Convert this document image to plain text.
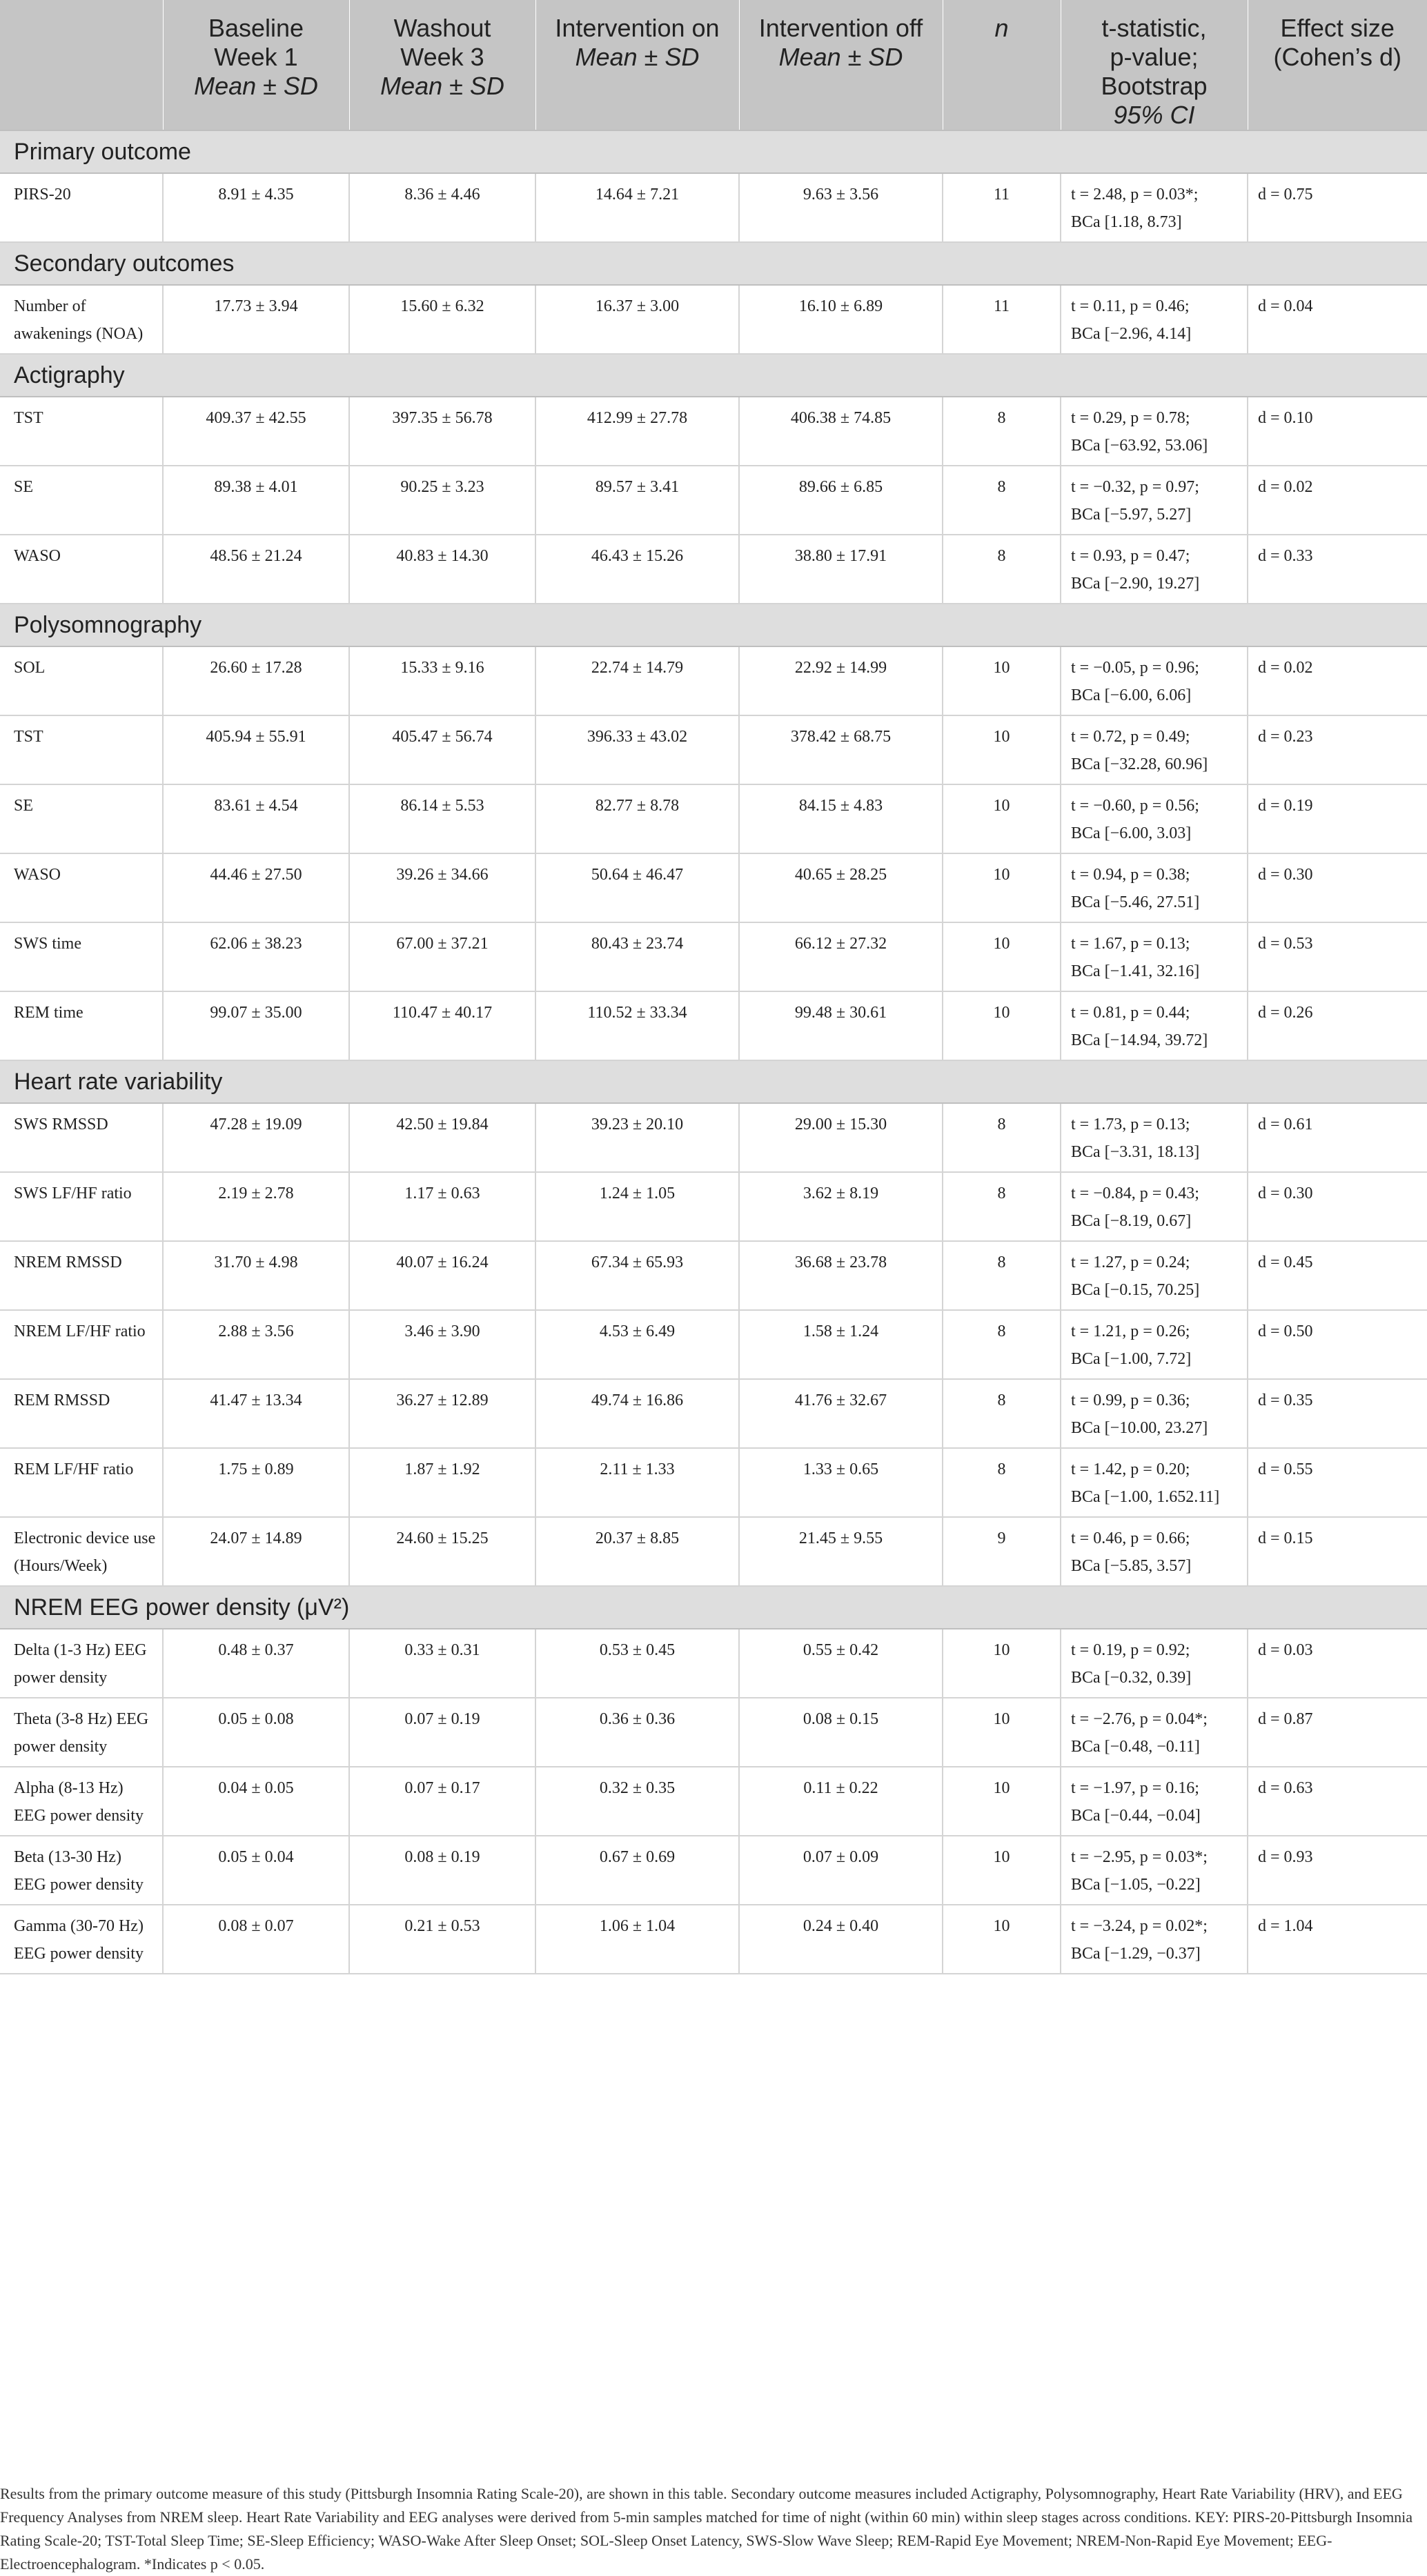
	Baseline
Week 1
Mean ± SD	Washout
Week 3
Mean ± SD	Intervention on
Mean ± SD	Intervention off
Mean ± SD	n	t-statistic,
p-value;
Bootstrap
95% CI	Effect size
(Cohen’s d)

Primary outcome							
PIRS-20	8.91 ± 4.35	8.36 ± 4.46	14.64 ± 7.21	9.63 ± 3.56	11	t = 2.48, p = 0.03*;
BCa [1.18, 8.73]	d = 0.75
Secondary outcomes							
Number of awakenings (NOA)	17.73 ± 3.94	15.60 ± 6.32	16.37 ± 3.00	16.10 ± 6.89	11	t = 0.11, p = 0.46;
BCa [−2.96, 4.14]	d = 0.04
Actigraphy							
TST	409.37 ± 42.55	397.35 ± 56.78	412.99 ± 27.78	406.38 ± 74.85	8	t = 0.29, p = 0.78;
BCa [−63.92, 53.06]	d = 0.10
SE	89.38 ± 4.01	90.25 ± 3.23	89.57 ± 3.41	89.66 ± 6.85	8	t = −0.32, p = 0.97;
BCa [−5.97, 5.27]	d = 0.02
WASO	48.56 ± 21.24	40.83 ± 14.30	46.43 ± 15.26	38.80 ± 17.91	8	t = 0.93, p = 0.47;
BCa [−2.90, 19.27]	d = 0.33
Polysomnography							
SOL	26.60 ± 17.28	15.33 ± 9.16	22.74 ± 14.79	22.92 ± 14.99	10	t = −0.05, p = 0.96;
BCa [−6.00, 6.06]	d = 0.02
TST	405.94 ± 55.91	405.47 ± 56.74	396.33 ± 43.02	378.42 ± 68.75	10	t = 0.72, p = 0.49;
BCa [−32.28, 60.96]	d = 0.23
SE	83.61 ± 4.54	86.14 ± 5.53	82.77 ± 8.78	84.15 ± 4.83	10	t = −0.60, p = 0.56;
BCa [−6.00, 3.03]	d = 0.19
WASO	44.46 ± 27.50	39.26 ± 34.66	50.64 ± 46.47	40.65 ± 28.25	10	t = 0.94, p = 0.38;
BCa [−5.46, 27.51]	d = 0.30
SWS time	62.06 ± 38.23	67.00 ± 37.21	80.43 ± 23.74	66.12 ± 27.32	10	t = 1.67, p = 0.13;
BCa [−1.41, 32.16]	d = 0.53
REM time	99.07 ± 35.00	110.47 ± 40.17	110.52 ± 33.34	99.48 ± 30.61	10	t = 0.81, p = 0.44;
BCa [−14.94, 39.72]	d = 0.26
Heart rate variability							
SWS RMSSD	47.28 ± 19.09	42.50 ± 19.84	39.23 ± 20.10	29.00 ± 15.30	8	t = 1.73, p = 0.13;
BCa [−3.31, 18.13]	d = 0.61
SWS LF/HF ratio	2.19 ± 2.78	1.17 ± 0.63	1.24 ± 1.05	3.62 ± 8.19	8	t = −0.84, p = 0.43;
BCa [−8.19, 0.67]	d = 0.30
NREM RMSSD	31.70 ± 4.98	40.07 ± 16.24	67.34 ± 65.93	36.68 ± 23.78	8	t = 1.27, p = 0.24;
BCa [−0.15, 70.25]	d = 0.45
NREM LF/HF ratio	2.88 ± 3.56	3.46 ± 3.90	4.53 ± 6.49	1.58 ± 1.24	8	t = 1.21, p = 0.26;
BCa [−1.00, 7.72]	d = 0.50
REM RMSSD	41.47 ± 13.34	36.27 ± 12.89	49.74 ± 16.86	41.76 ± 32.67	8	t = 0.99, p = 0.36;
BCa [−10.00, 23.27]	d = 0.35
REM LF/HF ratio	1.75 ± 0.89	1.87 ± 1.92	2.11 ± 1.33	1.33 ± 0.65	8	t = 1.42, p = 0.20;
BCa [−1.00, 1.652.11]	d = 0.55
Electronic device use (Hours/Week)	24.07 ± 14.89	24.60 ± 15.25	20.37 ± 8.85	21.45 ± 9.55	9	t = 0.46, p = 0.66;
BCa [−5.85, 3.57]	d = 0.15
NREM EEG power density (μV²)							
Delta (1-3 Hz) EEG power density	0.48 ± 0.37	0.33 ± 0.31	0.53 ± 0.45	0.55 ± 0.42	10	t = 0.19, p = 0.92;
BCa [−0.32, 0.39]	d = 0.03
Theta (3-8 Hz) EEG power density	0.05 ± 0.08	0.07 ± 0.19	0.36 ± 0.36	0.08 ± 0.15	10	t = −2.76, p = 0.04*;
BCa [−0.48, −0.11]	d = 0.87
Alpha (8-13 Hz) EEG power density	0.04 ± 0.05	0.07 ± 0.17	0.32 ± 0.35	0.11 ± 0.22	10	t = −1.97, p = 0.16;
BCa [−0.44, −0.04]	d = 0.63
Beta (13-30 Hz) EEG power density	0.05 ± 0.04	0.08 ± 0.19	0.67 ± 0.69	0.07 ± 0.09	10	t = −2.95, p = 0.03*;
BCa [−1.05, −0.22]	d = 0.93
Gamma (30-70 Hz) EEG power density	0.08 ± 0.07	0.21 ± 0.53	1.06 ± 1.04	0.24 ± 0.40	10	t = −3.24, p = 0.02*;
BCa [−1.29, −0.37]	d = 1.04
Results from the primary outcome measure of this study (Pittsburgh Insomnia Rating Scale-20), are shown in this table. Secondary outcome measures included Actigraphy, Polysomnography, Heart Rate Variability (HRV), and EEG Frequency Analyses from NREM sleep. Heart Rate Variability and EEG analyses were derived from 5-min samples matched for time of night (within 60 min) within sleep stages across conditions. KEY: PIRS-20-Pittsburgh Insomnia Rating Scale-20; TST-Total Sleep Time; SE-Sleep Efficiency; WASO-Wake After Sleep Onset; SOL-Sleep Onset Latency, SWS-Slow Wave Sleep; REM-Rapid Eye Movement; NREM-Non-Rapid Eye Movement; EEG-Electroencephalogram. *Indicates p < 0.05.
